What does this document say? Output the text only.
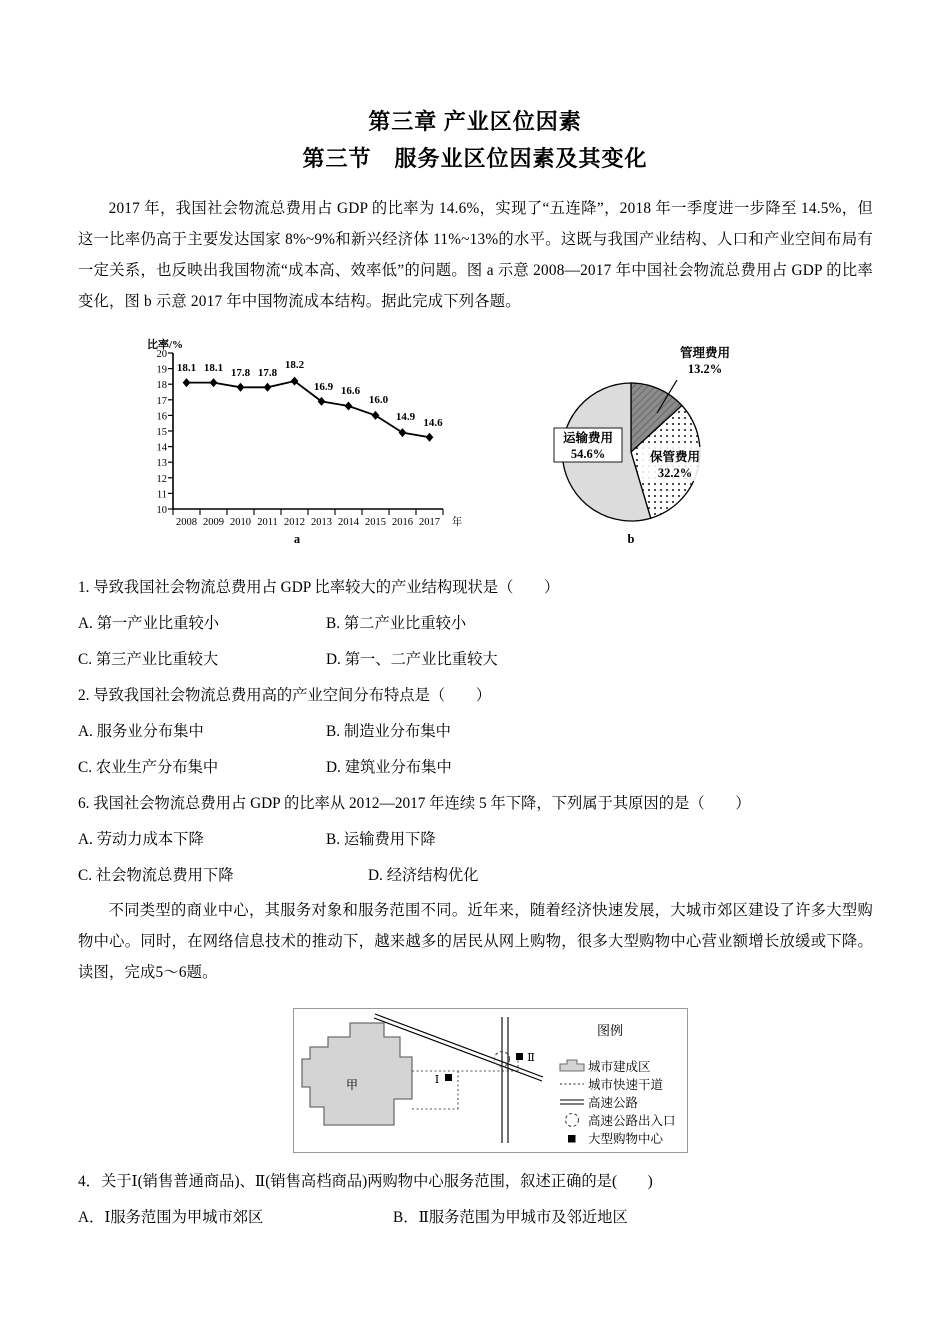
第三章 产业区位因素
第三节　服务业区位因素及其变化
2017 年，我国社会物流总费用占 GDP 的比率为 14.6%，实现了“五连降”，2018 年一季度进一步降至 14.5%，但这一比率仍高于主要发达国家 8%~9%和新兴经济体 11%~13%的水平。这既与我国产业结构、人口和产业空间布局有一定关系，也反映出我国物流“成本高、效率低”的问题。图 a 示意 2008—2017 年中国社会物流总费用占 GDP 的比率变化，图 b 示意 2017 年中国物流成本结构。据此完成下列各题。
比率/%
20
19
18
17
16
15
14
13
12
11
10
2008 2009 2010 2011 2012 2013 2014 2015 2016 2017 年
18.1 18.1 17.8 17.8
18.2
16.9 16.6
16.0
14.9 14.6
a
管理费用
13.2%
保管费用
32.2%
运输费用
54.6%
b
1. 导致我国社会物流总费用占 GDP 比率较大的产业结构现状是（　　）
A. 第一产业比重较小	B. 第二产业比重较小
C. 第三产业比重较大	D. 第一、二产业比重较大
2. 导致我国社会物流总费用高的产业空间分布特点是（　　）
A. 服务业分布集中	B. 制造业分布集中
C. 农业生产分布集中	D. 建筑业分布集中
6. 我国社会物流总费用占 GDP 的比率从 2012—2017 年连续 5 年下降，下列属于其原因的是（　　）
A. 劳动力成本下降	B. 运输费用下降
C. 社会物流总费用下降	D. 经济结构优化
不同类型的商业中心，其服务对象和服务范围不同。近年来，随着经济快速发展，大城市郊区建设了许多大型购物中心。同时，在网络信息技术的推动下，越来越多的居民从网上购物，很多大型购物中心营业额增长放缓或下降。读图，完成5～6题。
甲
Ⅱ
Ⅰ
图例
城市建成区
城市快速干道
高速公路
高速公路出入口
大型购物中心
4．关于Ⅰ(销售普通商品)、Ⅱ(销售高档商品)两购物中心服务范围，叙述正确的是(　　)
A．Ⅰ服务范围为甲城市郊区	B．Ⅱ服务范围为甲城市及邻近地区
